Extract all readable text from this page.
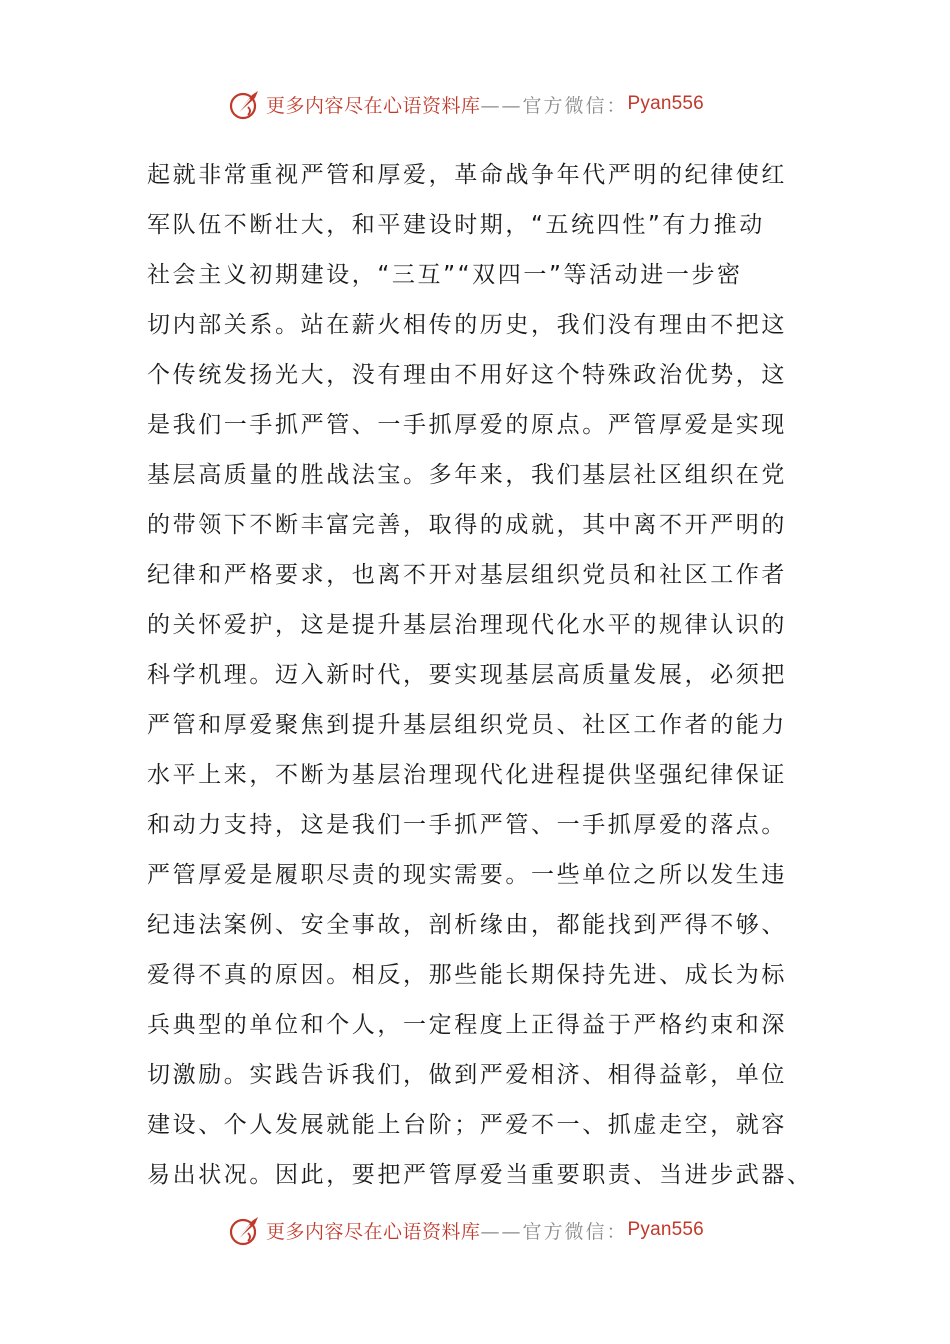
更多内容尽在心语资料库 ——官方微信： Pyan556
起就非常重视严管和厚爱，革命战争年代严明的纪律使红
军队伍不断壮大，和平建设时期，“五统四性”有力推动
社会主义初期建设，“三互”“双四一”等活动进一步密
切内部关系。站在薪火相传的历史，我们没有理由不把这
个传统发扬光大，没有理由不用好这个特殊政治优势，这
是我们一手抓严管、一手抓厚爱的原点。严管厚爱是实现
基层高质量的胜战法宝。多年来，我们基层社区组织在党
的带领下不断丰富完善，取得的成就，其中离不开严明的
纪律和严格要求，也离不开对基层组织党员和社区工作者
的关怀爱护，这是提升基层治理现代化水平的规律认识的
科学机理。迈入新时代，要实现基层高质量发展，必须把
严管和厚爱聚焦到提升基层组织党员、社区工作者的能力
水平上来，不断为基层治理现代化进程提供坚强纪律保证
和动力支持，这是我们一手抓严管、一手抓厚爱的落点。
严管厚爱是履职尽责的现实需要。一些单位之所以发生违
纪违法案例、安全事故，剖析缘由，都能找到严得不够、
爱得不真的原因。相反，那些能长期保持先进、成长为标
兵典型的单位和个人，一定程度上正得益于严格约束和深
切激励。实践告诉我们，做到严爱相济、相得益彰，单位
建设、个人发展就能上台阶；严爱不一、抓虚走空，就容
易出状况。因此，要把严管厚爱当重要职责、当进步武器、
更多内容尽在心语资料库 ——官方微信： Pyan556
